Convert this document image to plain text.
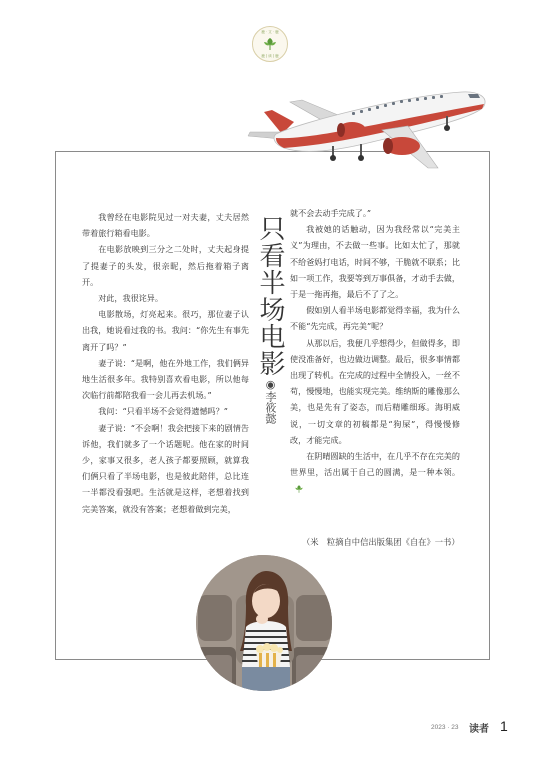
鹿 · 文 · 鹿
鹿 | 读 | 鹿
只看半场电影
◉李筱懿

我曾经在电影院见过一对夫妻，丈夫居然带着旅行箱看电影。

在电影放映到三分之二处时，丈夫起身提了提妻子的头发，很亲昵，然后拖着箱子离开。

对此，我很诧异。

电影散场，灯亮起来。很巧，那位妻子认出我，她说看过我的书。我问：“你先生有事先离开了吗？”

妻子说：“是啊，他在外地工作，我们俩异地生活很多年。我特别喜欢看电影，所以他每次临行前都陪我看一会儿再去机场。”

我问：“只看半场不会觉得遗憾吗？”

妻子说：“不会啊！我会把接下来的剧情告诉他，我们就多了一个话题呢。他在家的时间少，家事又很多，老人孩子都要照顾，就算我们俩只看了半场电影，也是彼此陪伴，总比连一半都没看强吧。生活就是这样，老想着找到完美答案，就没有答案；老想着做到完美，

就不会去动手完成了。”

我被她的话触动，因为我经常以“完美主义”为理由，不去做一些事。比如太忙了，那就不给爸妈打电话，时间不够，干脆就不联系；比如一项工作，我要等到万事俱备，才动手去做，于是一拖再拖，最后不了了之。

假如别人看半场电影都觉得幸福，我为什么不能“先完成，再完美”呢？

从那以后，我便几乎想得少，但做得多，即使没准备好，也边做边调整。最后，很多事情都出现了转机。在完成的过程中全情投入，一丝不苟，慢慢地，也能实现完美。维纳斯的雕像那么美，也是先有了姿态，而后精雕细琢。海明威说，一切文章的初稿都是“狗屎”，得慢慢修改，才能完成。

在阴晴圆缺的生活中，在几乎不存在完美的世界里，活出属于自己的圆满，是一种本领。

（米　粒摘自中信出版集团《自在》一书）
2023 · 23 读者 1
